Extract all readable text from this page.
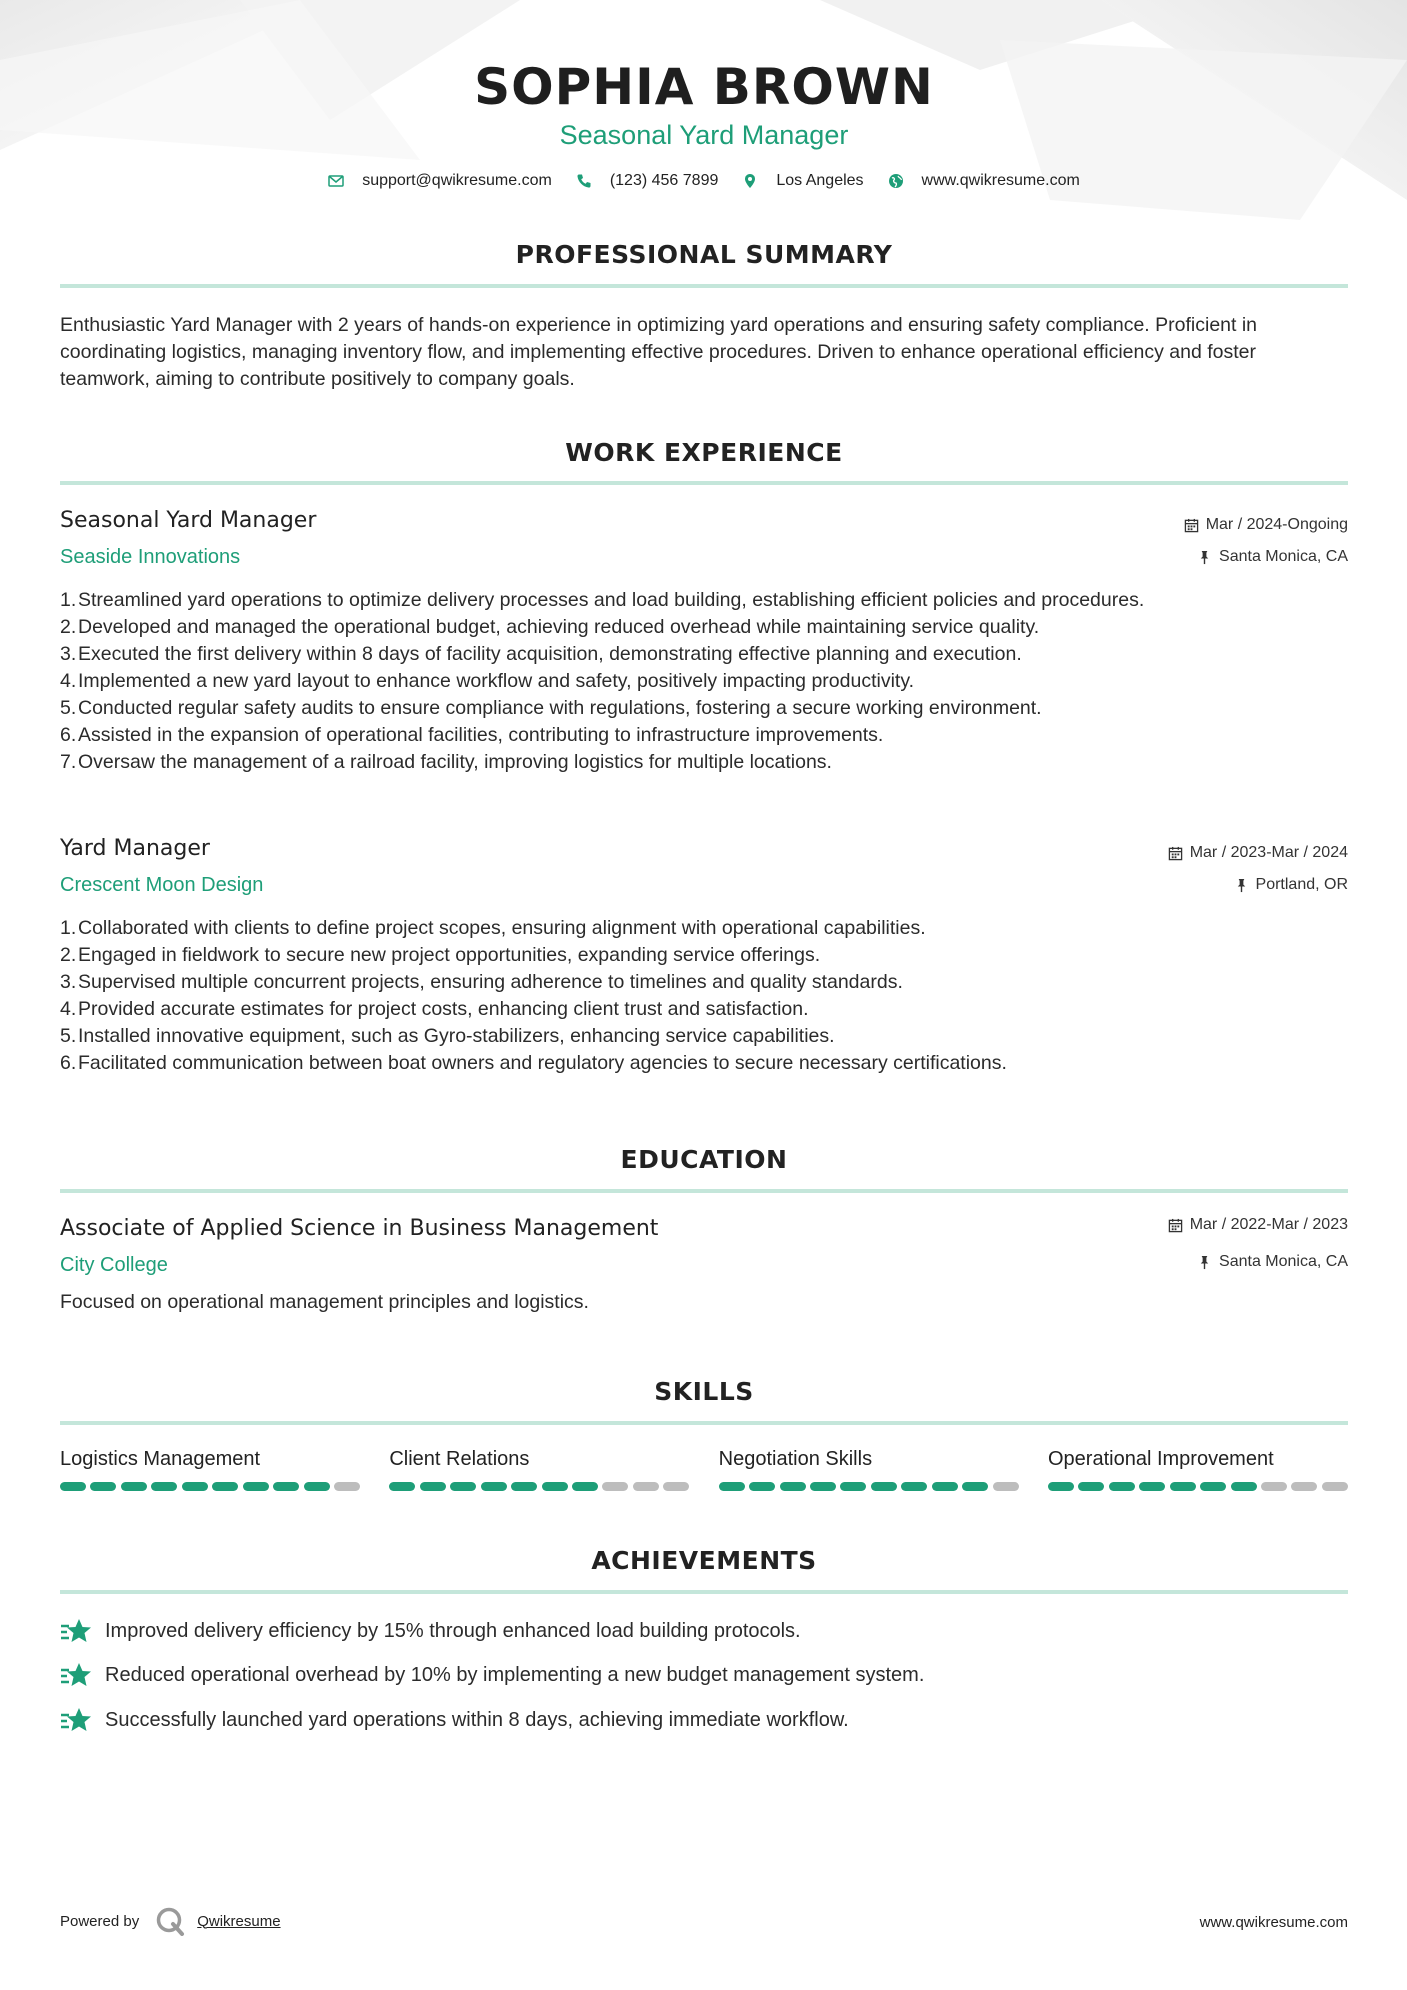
SOPHIA BROWN
Seasonal Yard Manager
support@qwikresume.com	(123) 456 7899	Los Angeles	www.qwikresume.com
PROFESSIONAL SUMMARY
Enthusiastic Yard Manager with 2 years of hands-on experience in optimizing yard operations and ensuring safety compliance. Proficient in coordinating logistics, managing inventory flow, and implementing effective procedures. Driven to enhance operational efficiency and foster teamwork, aiming to contribute positively to company goals.
WORK EXPERIENCE
Seasonal Yard Manager	Mar / 2024-Ongoing
Seaside Innovations	Santa Monica, CA
Streamlined yard operations to optimize delivery processes and load building, establishing efficient policies and procedures.
Developed and managed the operational budget, achieving reduced overhead while maintaining service quality.
Executed the first delivery within 8 days of facility acquisition, demonstrating effective planning and execution.
Implemented a new yard layout to enhance workflow and safety, positively impacting productivity.
Conducted regular safety audits to ensure compliance with regulations, fostering a secure working environment.
Assisted in the expansion of operational facilities, contributing to infrastructure improvements.
Oversaw the management of a railroad facility, improving logistics for multiple locations.
Yard Manager	Mar / 2023-Mar / 2024
Crescent Moon Design	Portland, OR
Collaborated with clients to define project scopes, ensuring alignment with operational capabilities.
Engaged in fieldwork to secure new project opportunities, expanding service offerings.
Supervised multiple concurrent projects, ensuring adherence to timelines and quality standards.
Provided accurate estimates for project costs, enhancing client trust and satisfaction.
Installed innovative equipment, such as Gyro-stabilizers, enhancing service capabilities.
Facilitated communication between boat owners and regulatory agencies to secure necessary certifications.
EDUCATION
Associate of Applied Science in Business Management	Mar / 2022-Mar / 2023
City College	Santa Monica, CA
Focused on operational management principles and logistics.
SKILLS
Logistics Management	Client Relations	Negotiation Skills	Operational Improvement
ACHIEVEMENTS
Improved delivery efficiency by 15% through enhanced load building protocols.
Reduced operational overhead by 10% by implementing a new budget management system.
Successfully launched yard operations within 8 days, achieving immediate workflow.
Powered by	Qwikresume	www.qwikresume.com
